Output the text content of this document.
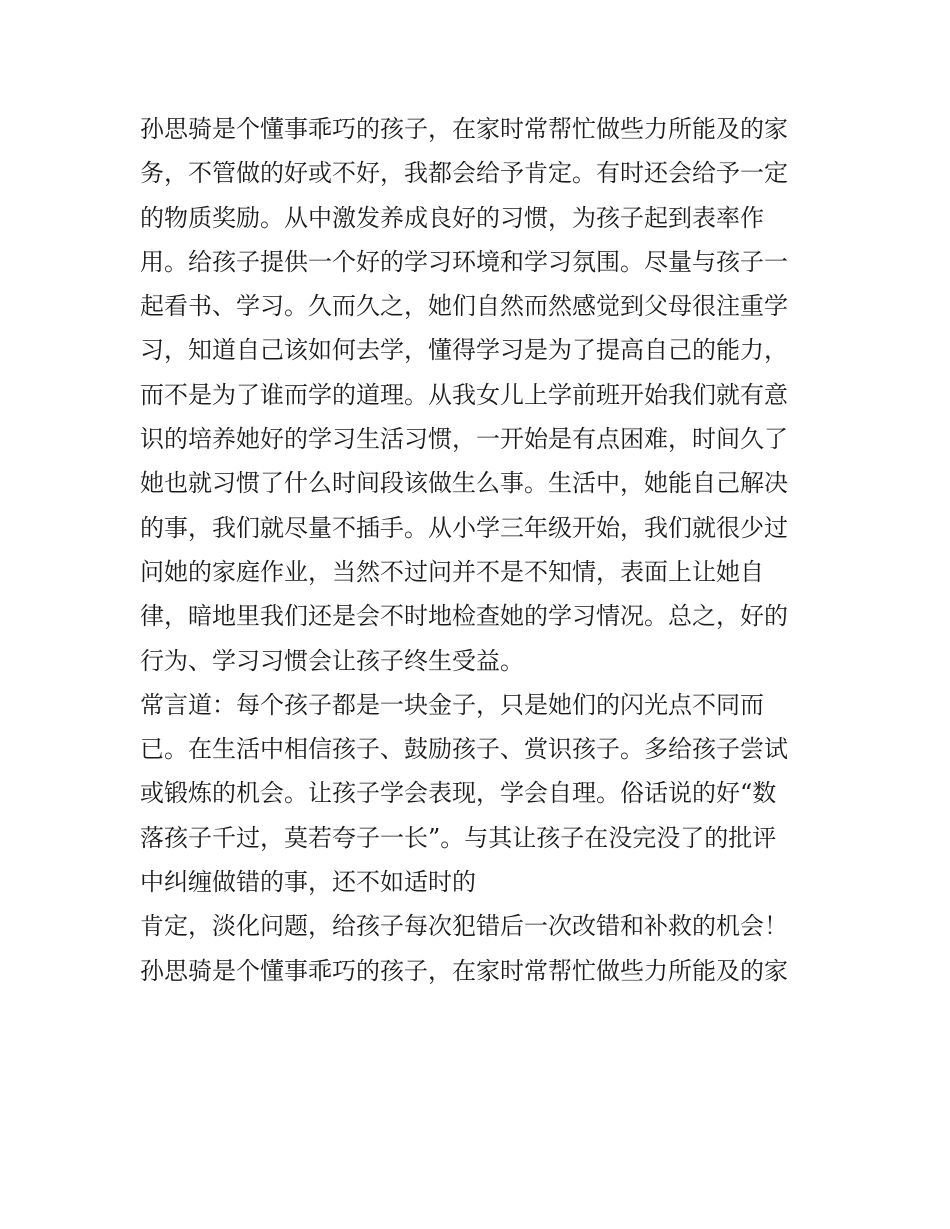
孙思骑是个懂事乖巧的孩子，在家时常帮忙做些力所能及的家
务，不管做的好或不好，我都会给予肯定。有时还会给予一定
的物质奖励。从中激发养成良好的习惯，为孩子起到表率作
用。给孩子提供一个好的学习环境和学习氛围。尽量与孩子一
起看书、学习。久而久之，她们自然而然感觉到父母很注重学
习，知道自己该如何去学，懂得学习是为了提高自己的能力，
而不是为了谁而学的道理。从我女儿上学前班开始我们就有意
识的培养她好的学习生活习惯，一开始是有点困难，时间久了
她也就习惯了什么时间段该做生么事。生活中，她能自己解决
的事，我们就尽量不插手。从小学三年级开始，我们就很少过
问她的家庭作业，当然不过问并不是不知情，表面上让她自
律，暗地里我们还是会不时地检查她的学习情况。总之，好的
行为、学习习惯会让孩子终生受益。
常言道：每个孩子都是一块金子，只是她们的闪光点不同而
已。在生活中相信孩子、鼓励孩子、赏识孩子。多给孩子尝试
或锻炼的机会。让孩子学会表现，学会自理。俗话说的好“数
落孩子千过，莫若夸子一长”。与其让孩子在没完没了的批评
中纠缠做错的事，还不如适时的
肯定，淡化问题，给孩子每次犯错后一次改错和补救的机会！
孙思骑是个懂事乖巧的孩子，在家时常帮忙做些力所能及的家
